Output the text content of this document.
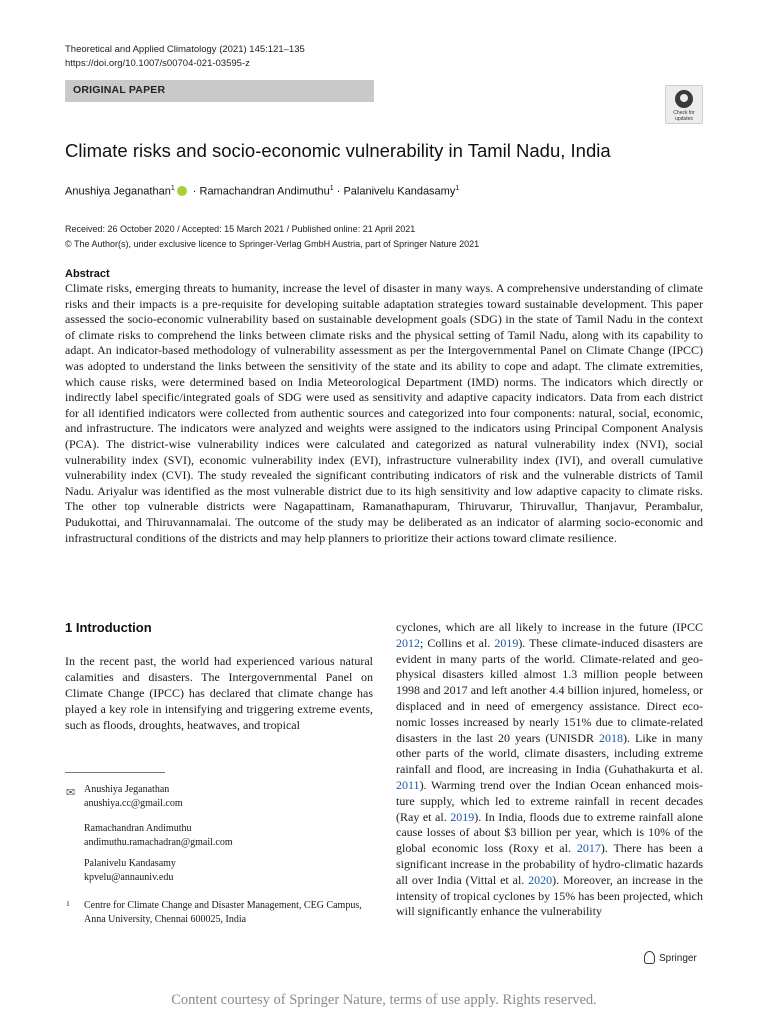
Theoretical and Applied Climatology (2021) 145:121–135
https://doi.org/10.1007/s00704-021-03595-z
ORIGINAL PAPER
Check for
updates
Climate risks and socio-economic vulnerability in Tamil Nadu, India
Anushiya Jeganathan$^1$ · Ramachandran Andimuthu$^1$ · Palanivelu Kandasamy$^1$
Received: 26 October 2020 / Accepted: 15 March 2021 / Published online: 21 April 2021
© The Author(s), under exclusive licence to Springer-Verlag GmbH Austria, part of Springer Nature 2021
Abstract
Climate risks, emerging threats to humanity, increase the level of disaster in many ways. A comprehensive understanding of climate risks and their impacts is a pre-requisite for developing suitable adaptation strategies toward sustainable development. This paper assessed the socio-economic vulnerability based on sustainable development goals (SDG) in the state of Tamil Nadu in the context of climate risks to comprehend the links between climate risks and the physical setting of Tamil Nadu, along with its capability to adapt. An indicator-based methodology of vulnerability assessment as per the Intergovernmental Panel on Climate Change (IPCC) was adopted to understand the links between the sensitivity of the state and its ability to cope and adapt. The climate extremities, which cause risks, were determined based on India Meteorological Department (IMD) norms. The indicators which directly or indirectly label specific/integrated goals of SDG were used as sensitivity and adaptive capacity indicators. Data from each district for all identified indicators were collected from authentic sources and categorized into four components: natural, social, economic, and infrastructure. The indicators were analyzed and weights were assigned to the indicators using Principal Component Analysis (PCA). The district-wise vulnerability indices were calculated and categorized as natural vulnerability index (NVI), social vulnerability index (SVI), economic vulnerability index (EVI), infrastructure vulnerability index (IVI), and overall cumulative vulnerability index (CVI). The study revealed the significant contributing indicators of risk and the vulnerable districts of Tamil Nadu. Ariyalur was identified as the most vulnerable district due to its high sensitivity and low adaptive capacity to climate risks. The other top vulnerable districts were Nagapattinam, Ramanathapuram, Thiruvarur, Thiruvallur, Thanjavur, Perambalur, Pudukottai, and Thiruvannamalai. The outcome of the study may be deliberated as an indicator of alarming socio-economic and infrastructural conditions of the districts and may help planners to prioritize their actions toward climate resilience.
1 Introduction
In the recent past, the world had experienced various natural calamities and disasters. The Intergovernmental Panel on Climate Change (IPCC) has declared that climate change has played a key role in intensifying and triggering extreme events, such as floods, droughts, heatwaves, and tropical
cyclones, which are all likely to increase in the future (IPCC 2012; Collins et al. 2019). These climate-induced disasters are evident in many parts of the world. Climate-related and geophysical disasters killed almost 1.3 million people between 1998 and 2017 and left another 4.4 billion injured, homeless, or displaced and in need of emergency assistance. Direct economic losses increased by nearly 151% due to climate-related disasters in the last 20 years (UNISDR 2018). Like in many other parts of the world, climate disasters, including extreme rainfall and flood, are increasing in India (Guhathakurta et al. 2011). Warming trend over the Indian Ocean enhanced moisture supply, which led to extreme rainfall in recent decades (Ray et al. 2019). In India, floods due to extreme rainfall alone cause losses of about $3 billion per year, which is 10% of the global economic loss (Roxy et al. 2017). There has been a significant increase in the probability of hydro-climatic hazards all over India (Vittal et al. 2020). Moreover, an increase in the intensity of tropical cyclones by 15% has been projected, which will significantly enhance the vulnerability
✉ Anushiya Jeganathan
anushiya.cc@gmail.com
Ramachandran Andimuthu
andimuthu.ramachadran@gmail.com
Palanivelu Kandasamy
kpvelu@annauniv.edu
1 Centre for Climate Change and Disaster Management, CEG Campus, Anna University, Chennai 600025, India
Springer
Content courtesy of Springer Nature, terms of use apply. Rights reserved.
